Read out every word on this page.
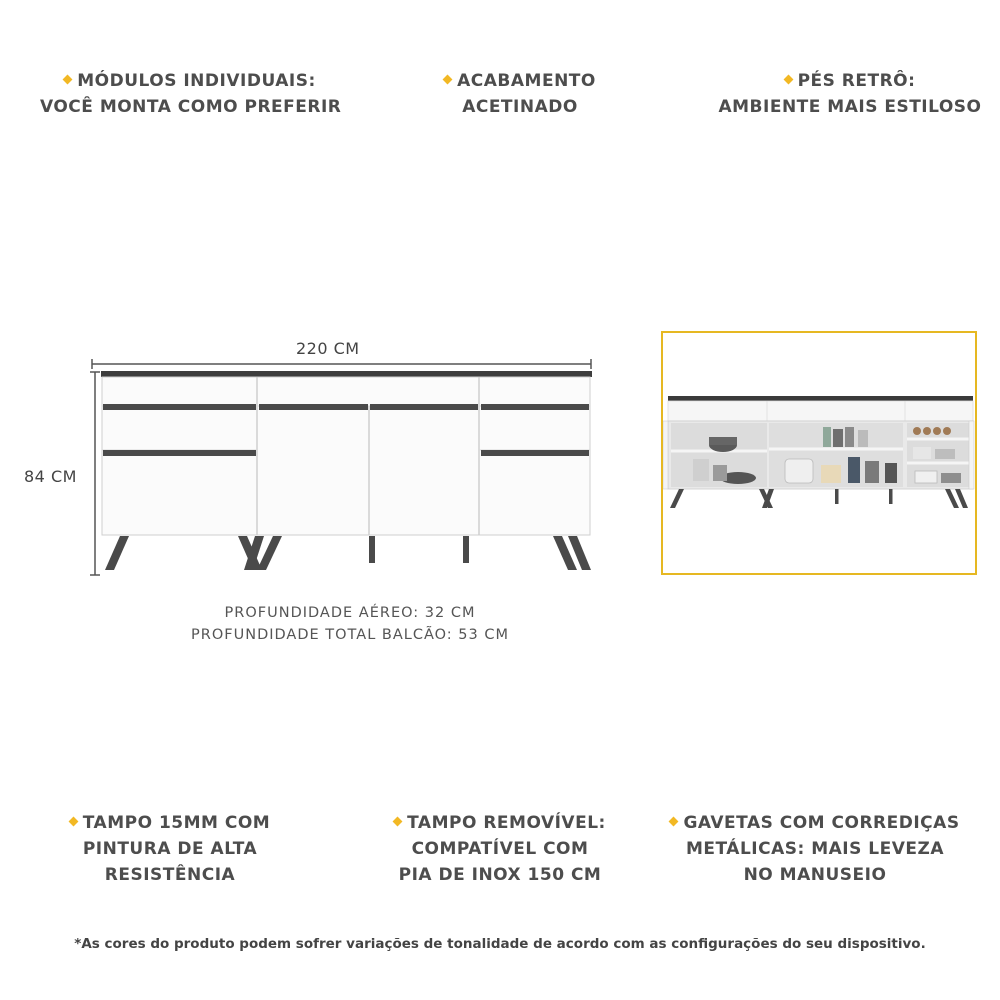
MÓDULOS INDIVIDUAIS:
VOCÊ MONTA COMO PREFERIR
ACABAMENTO
ACETINADO
PÉS RETRÔ:
AMBIENTE MAIS ESTILOSO
220 CM
84 CM
PROFUNDIDADE AÉREO: 32 CM
PROFUNDIDADE TOTAL BALCÃO: 53 CM
TAMPO 15MM COM
PINTURA DE ALTA
RESISTÊNCIA
TAMPO REMOVÍVEL:
COMPATÍVEL COM
PIA DE INOX 150 CM
GAVETAS COM CORREDIÇAS
METÁLICAS: MAIS LEVEZA
NO MANUSEIO
*As cores do produto podem sofrer variações de tonalidade de acordo com as configurações do seu dispositivo.
